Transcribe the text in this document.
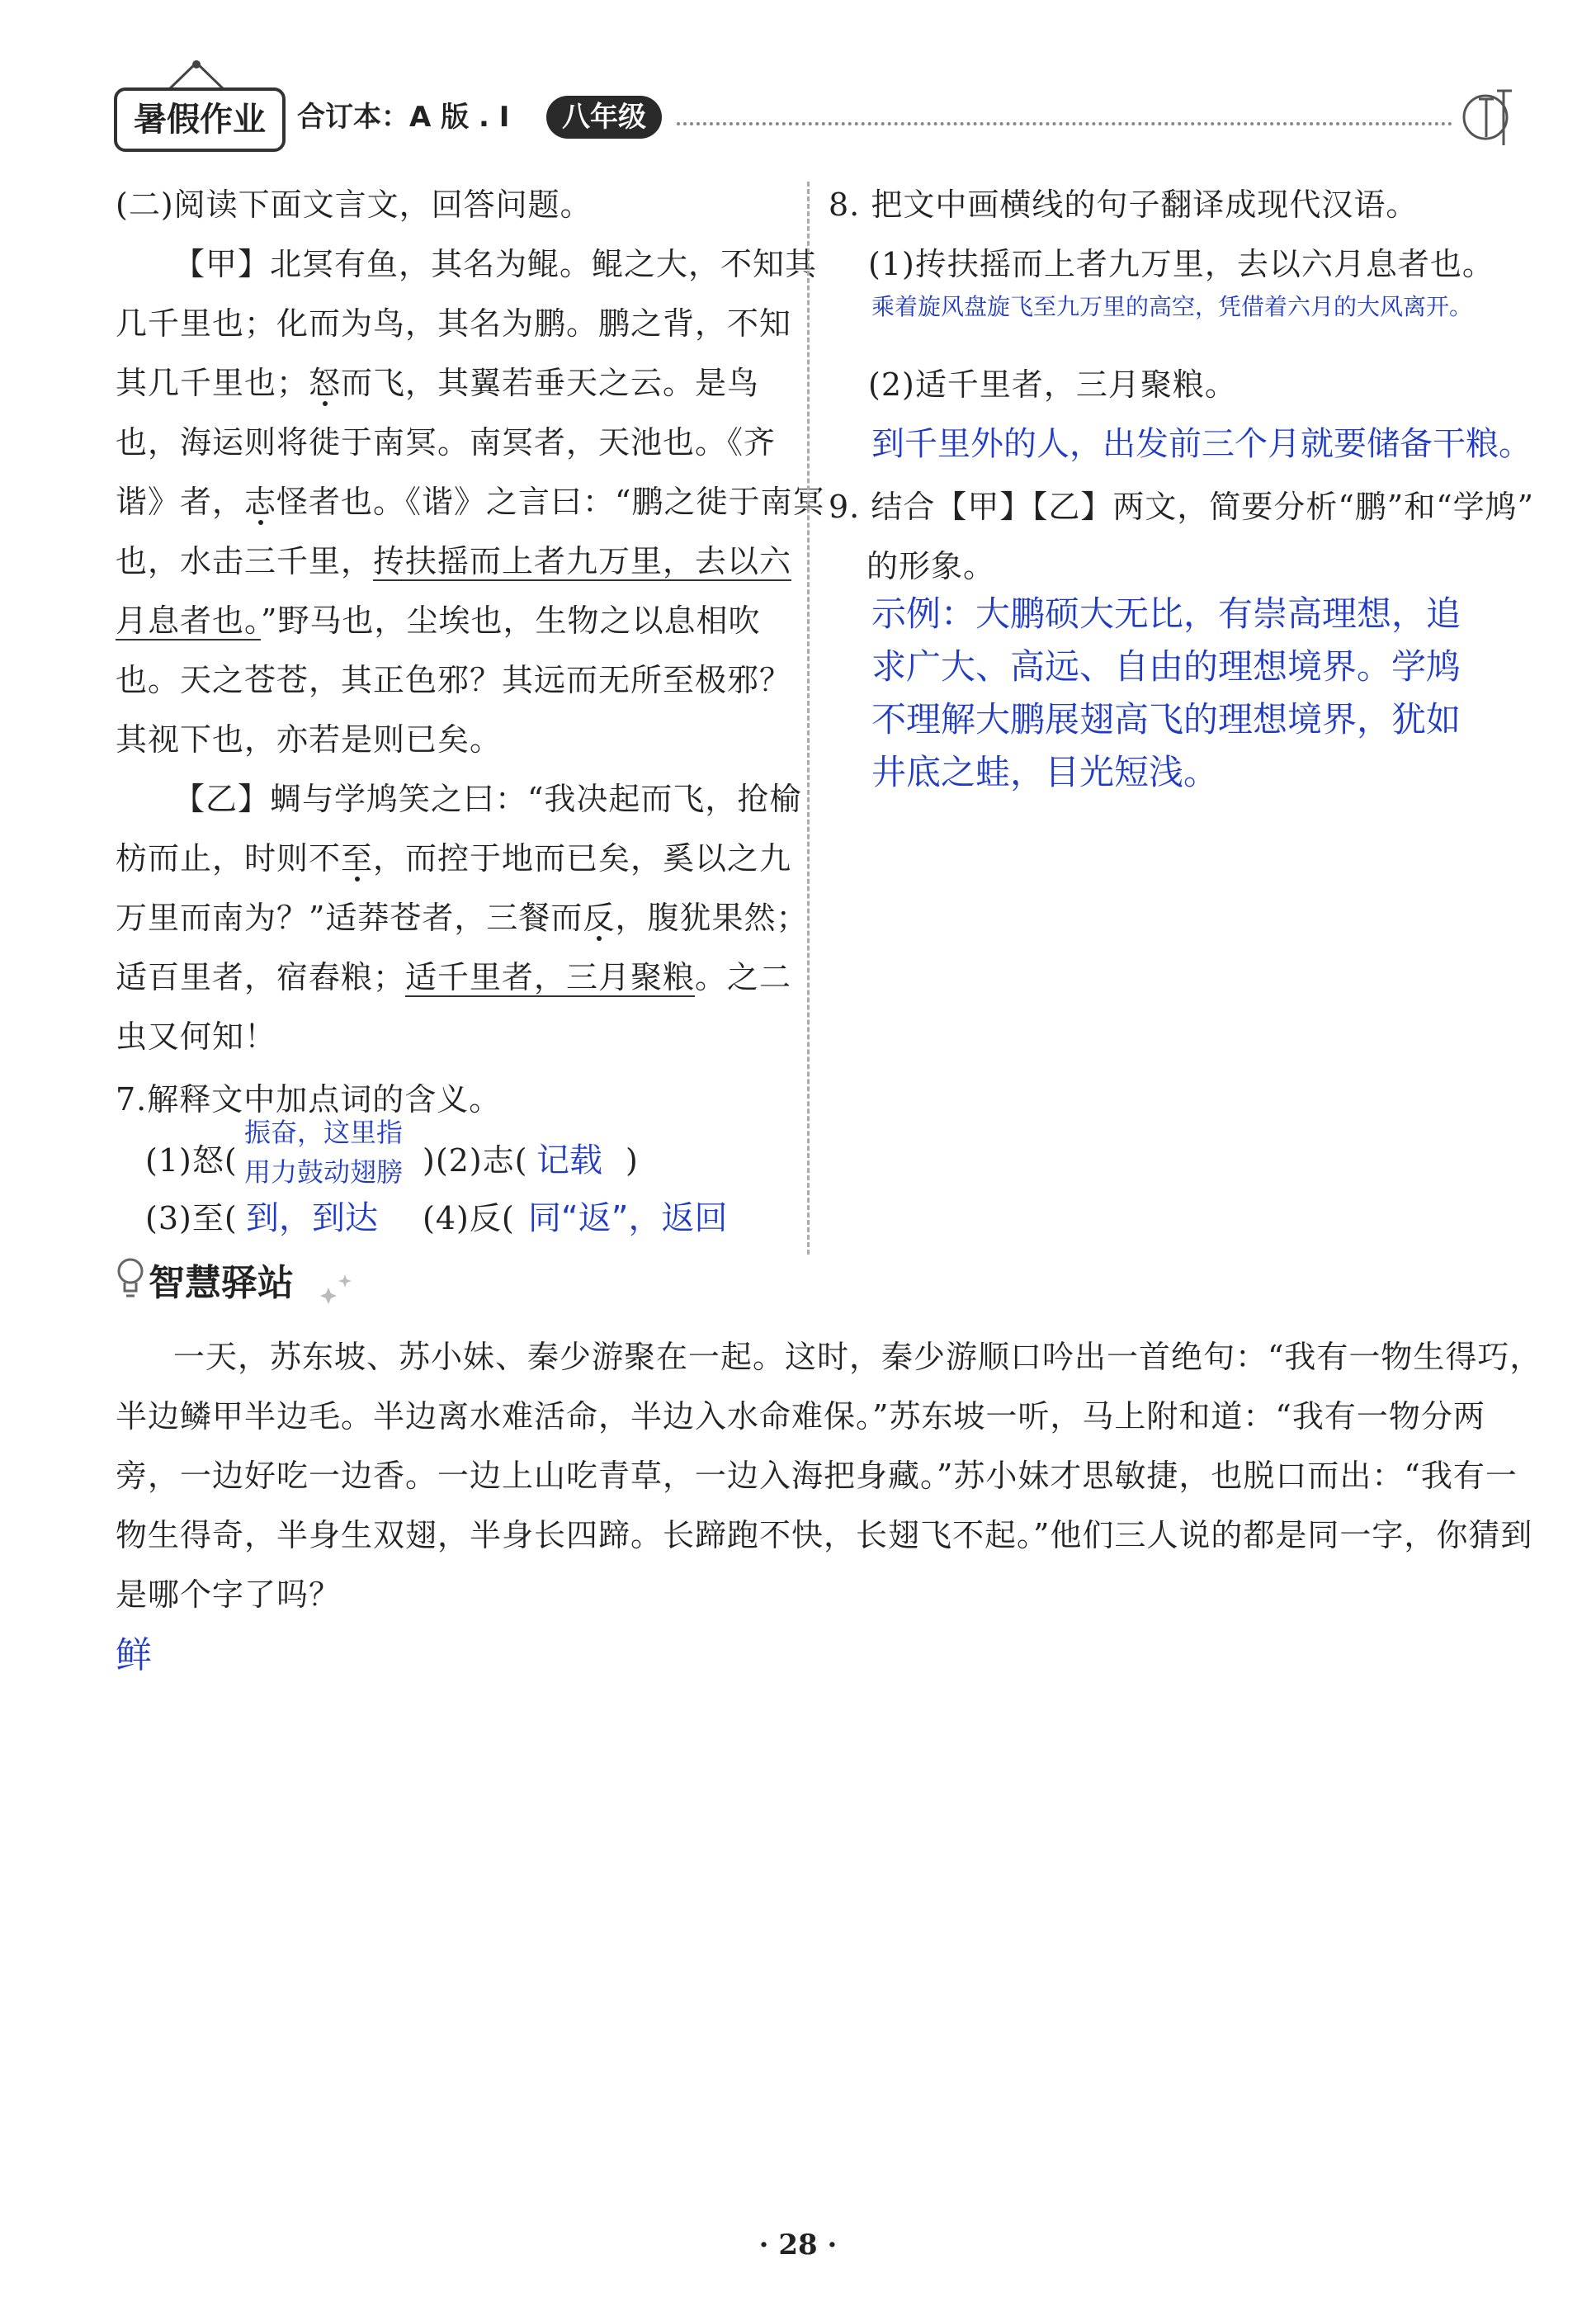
暑假作业	合订本：A 版 . I	八年级
(二)阅读下面文言文，回答问题。
【甲】北冥有鱼，其名为鲲。鲲之大，不知其
几千里也；化而为鸟，其名为鹏。鹏之背，不知
其几千里也；怒而飞，其翼若垂天之云。是鸟
也，海运则将徙于南冥。南冥者，天池也。《齐
谐》者，志怪者也。《谐》之言曰：“鹏之徙于南冥
也，水击三千里，抟扶摇而上者九万里，去以六
月息者也。”野马也，尘埃也，生物之以息相吹
也。天之苍苍，其正色邪？其远而无所至极邪？
其视下也，亦若是则已矣。
【乙】蜩与学鸠笑之曰：“我决起而飞，抢榆
枋而止，时则不至，而控于地而已矣，奚以之九
万里而南为？”适莽苍者，三餐而反，腹犹果然；
适百里者，宿舂粮；适千里者，三月聚粮。之二
虫又何知！
7.解释文中加点词的含义。
(1)怒(
振奋，这里指
用力鼓动翅膀 )(2)志( 记载 )
(3)至( 到，到达 (4)反( 同“返”，返回
8. 把文中画横线的句子翻译成现代汉语。
(1)抟扶摇而上者九万里，去以六月息者也。
乘着旋风盘旋飞至九万里的高空，凭借着六月的大风离开。
(2)适千里者，三月聚粮。
到千里外的人，出发前三个月就要储备干粮。
9. 结合【甲】【乙】两文，简要分析“鹏”和“学鸠”
的形象。
示例：大鹏硕大无比，有崇高理想，追
求广大、高远、自由的理想境界。学鸠
不理解大鹏展翅高飞的理想境界，犹如
井底之蛙，目光短浅。
智慧驿站
一天，苏东坡、苏小妹、秦少游聚在一起。这时，秦少游顺口吟出一首绝句：“我有一物生得巧，
半边鳞甲半边毛。半边离水难活命，半边入水命难保。”苏东坡一听，马上附和道：“我有一物分两
旁，一边好吃一边香。一边上山吃青草，一边入海把身藏。”苏小妹才思敏捷，也脱口而出：“我有一
物生得奇，半身生双翅，半身长四蹄。长蹄跑不快，长翅飞不起。”他们三人说的都是同一字，你猜到
是哪个字了吗？
鲜
· 28 ·
